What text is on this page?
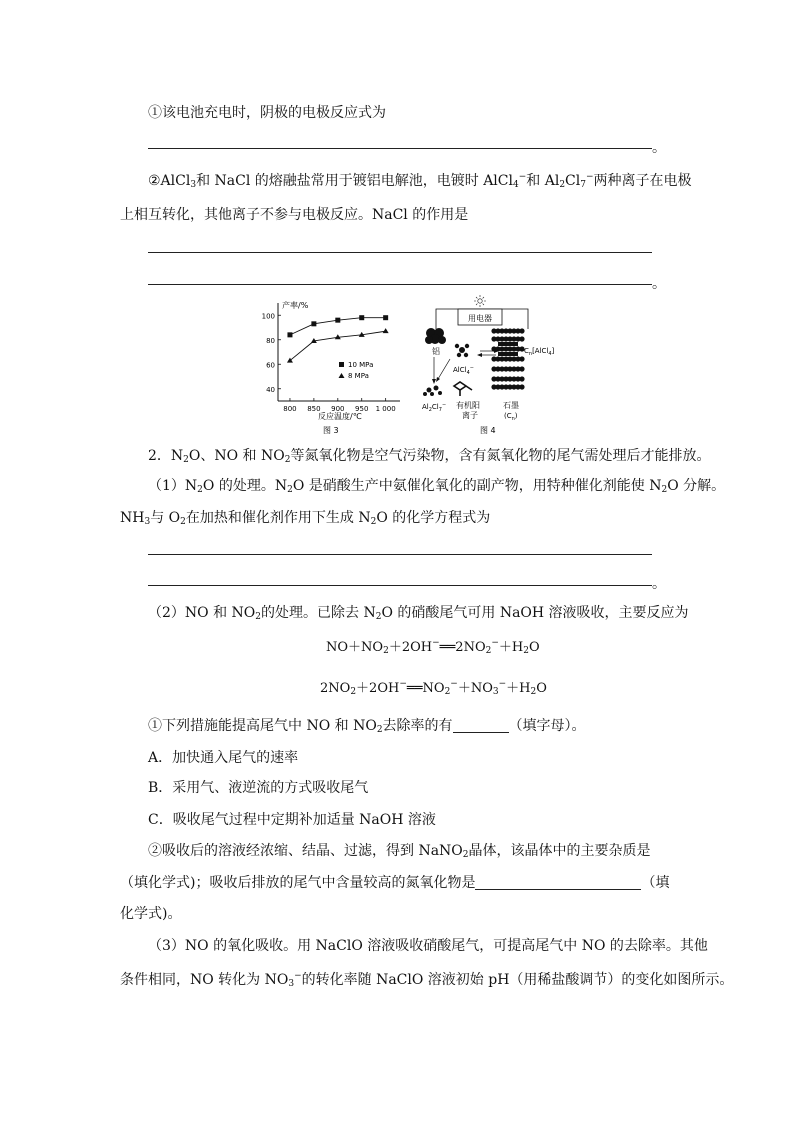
①该电池充电时，阴极的电极反应式为
。
②AlCl$_3$和 NaCl 的熔融盐常用于镀铝电解池，电镀时 AlCl$_4$−和 $Al_2Cl_7^-$两种离子在电极
上相互转化，其他离子不参与电极反应。NaCl 的作用是
。
产率/%
100
80
60
40
800 850 900 950 1 000
10 MPa
8 MPa
反应温度/℃
图 3
用电器
铝	$C_n[AlCl_4]$
AlCl$_4$−
$Al_2Cl_7^-$ 有机阳
离子
石墨
$(C_n)$
图 4
2．$N_2O$、NO 和 $NO_2$等氮氧化物是空气污染物，含有氮氧化物的尾气需处理后才能排放。
$(1)N_2O$ 的处理。$N_2O$ 是硝酸生产中氨催化氧化的副产物，用特种催化剂能使 $N_2O$ 分解。
$NH_3$与 $O_2$在加热和催化剂作用下生成 $N_2O$ 的化学方程式为
。
（2）NO 和 $NO_2$的处理。已除去 $N_2O$ 的硝酸尾气可用 NaOH 溶液吸收，主要反应为
$NO+NO_2+2OH^-══2NO_2^-+H_2O$
$2NO_2+2OH^-══NO_2^-+NO_3^-+H_2O$
①下列措施能提高尾气中 NO 和 $NO_2$去除率的有	（填字母）。
A．加快通入尾气的速率
B．采用气、液逆流的方式吸收尾气
C．吸收尾气过程中定期补加适量 NaOH 溶液
②吸收后的溶液经浓缩、结晶、过滤，得到 NaNO$_2$晶体，该晶体中的主要杂质是
（填化学式)；吸收后排放的尾气中含量较高的氮氧化物是	（填
化学式)。
（3）NO 的氧化吸收。用 NaClO 溶液吸收硝酸尾气，可提高尾气中 NO 的去除率。其他
条件相同，NO 转化为 $NO_3^-$的转化率随 NaClO 溶液初始 pH（用稀盐酸调节）的变化如图所示。
